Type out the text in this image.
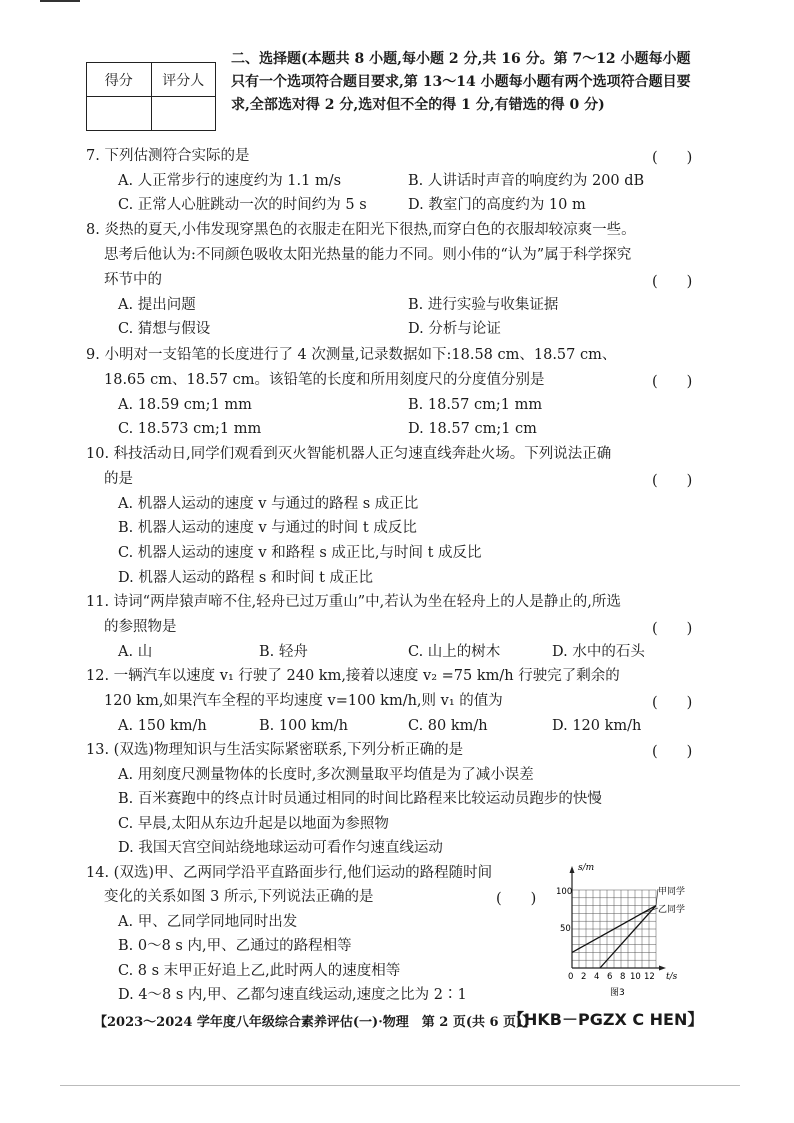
得分	评分人

二、选择题(本题共 8 小题,每小题 2 分,共 16 分。第 7～12 小题每小题只有一个选项符合题目要求,第 13～14 小题每小题有两个选项符合题目要求,全部选对得 2 分,选对但不全的得 1 分,有错选的得 0 分)
7. 下列估测符合实际的是	(　　)
A. 人正常步行的速度约为 1.1 m/s	B. 人讲话时声音的响度约为 200 dB
C. 正常人心脏跳动一次的时间约为 5 s	D. 教室门的高度约为 10 m
8. 炎热的夏天,小伟发现穿黑色的衣服走在阳光下很热,而穿白色的衣服却较凉爽一些。
思考后他认为:不同颜色吸收太阳光热量的能力不同。则小伟的“认为”属于科学探究
环节中的	(　　)
A. 提出问题	B. 进行实验与收集证据
C. 猜想与假设	D. 分析与论证
9. 小明对一支铅笔的长度进行了 4 次测量,记录数据如下:18.58 cm、18.57 cm、
18.65 cm、18.57 cm。该铅笔的长度和所用刻度尺的分度值分别是	(　　)
A. 18.59 cm;1 mm	B. 18.57 cm;1 mm
C. 18.573 cm;1 mm	D. 18.57 cm;1 cm
10. 科技活动日,同学们观看到灭火智能机器人正匀速直线奔赴火场。下列说法正确
的是	(　　)
A. 机器人运动的速度 v 与通过的路程 s 成正比
B. 机器人运动的速度 v 与通过的时间 t 成反比
C. 机器人运动的速度 v 和路程 s 成正比,与时间 t 成反比
D. 机器人运动的路程 s 和时间 t 成正比
11. 诗词“两岸猿声啼不住,轻舟已过万重山”中,若认为坐在轻舟上的人是静止的,所选
的参照物是	(　　)
A. 山	B. 轻舟	C. 山上的树木	D. 水中的石头
12. 一辆汽车以速度 v₁ 行驶了 240 km,接着以速度 v₂ =75 km/h 行驶完了剩余的
120 km,如果汽车全程的平均速度 v=100 km/h,则 v₁ 的值为	(　　)
A. 150 km/h	B. 100 km/h	C. 80 km/h	D. 120 km/h
13. (双选)物理知识与生活实际紧密联系,下列分析正确的是	(　　)
A. 用刻度尺测量物体的长度时,多次测量取平均值是为了减小误差
B. 百米赛跑中的终点计时员通过相同的时间比路程来比较运动员跑步的快慢
C. 早晨,太阳从东边升起是以地面为参照物
D. 我国天宫空间站绕地球运动可看作匀速直线运动
14. (双选)甲、乙两同学沿平直路面步行,他们运动的路程随时间
变化的关系如图 3 所示,下列说法正确的是	(　　)
A. 甲、乙同学同地同时出发
B. 0～8 s 内,甲、乙通过的路程相等
C. 8 s 末甲正好追上乙,此时两人的速度相等
D. 4～8 s 内,甲、乙都匀速直线运动,速度之比为 2∶1
s/m
t/s
100
50
0 2 4 6 8 10 12
甲同学
乙同学
图3
【2023～2024 学年度八年级综合素养评估(一)·物理　第 2 页(共 6 页)】
【HKB－PGZX C HEN】
